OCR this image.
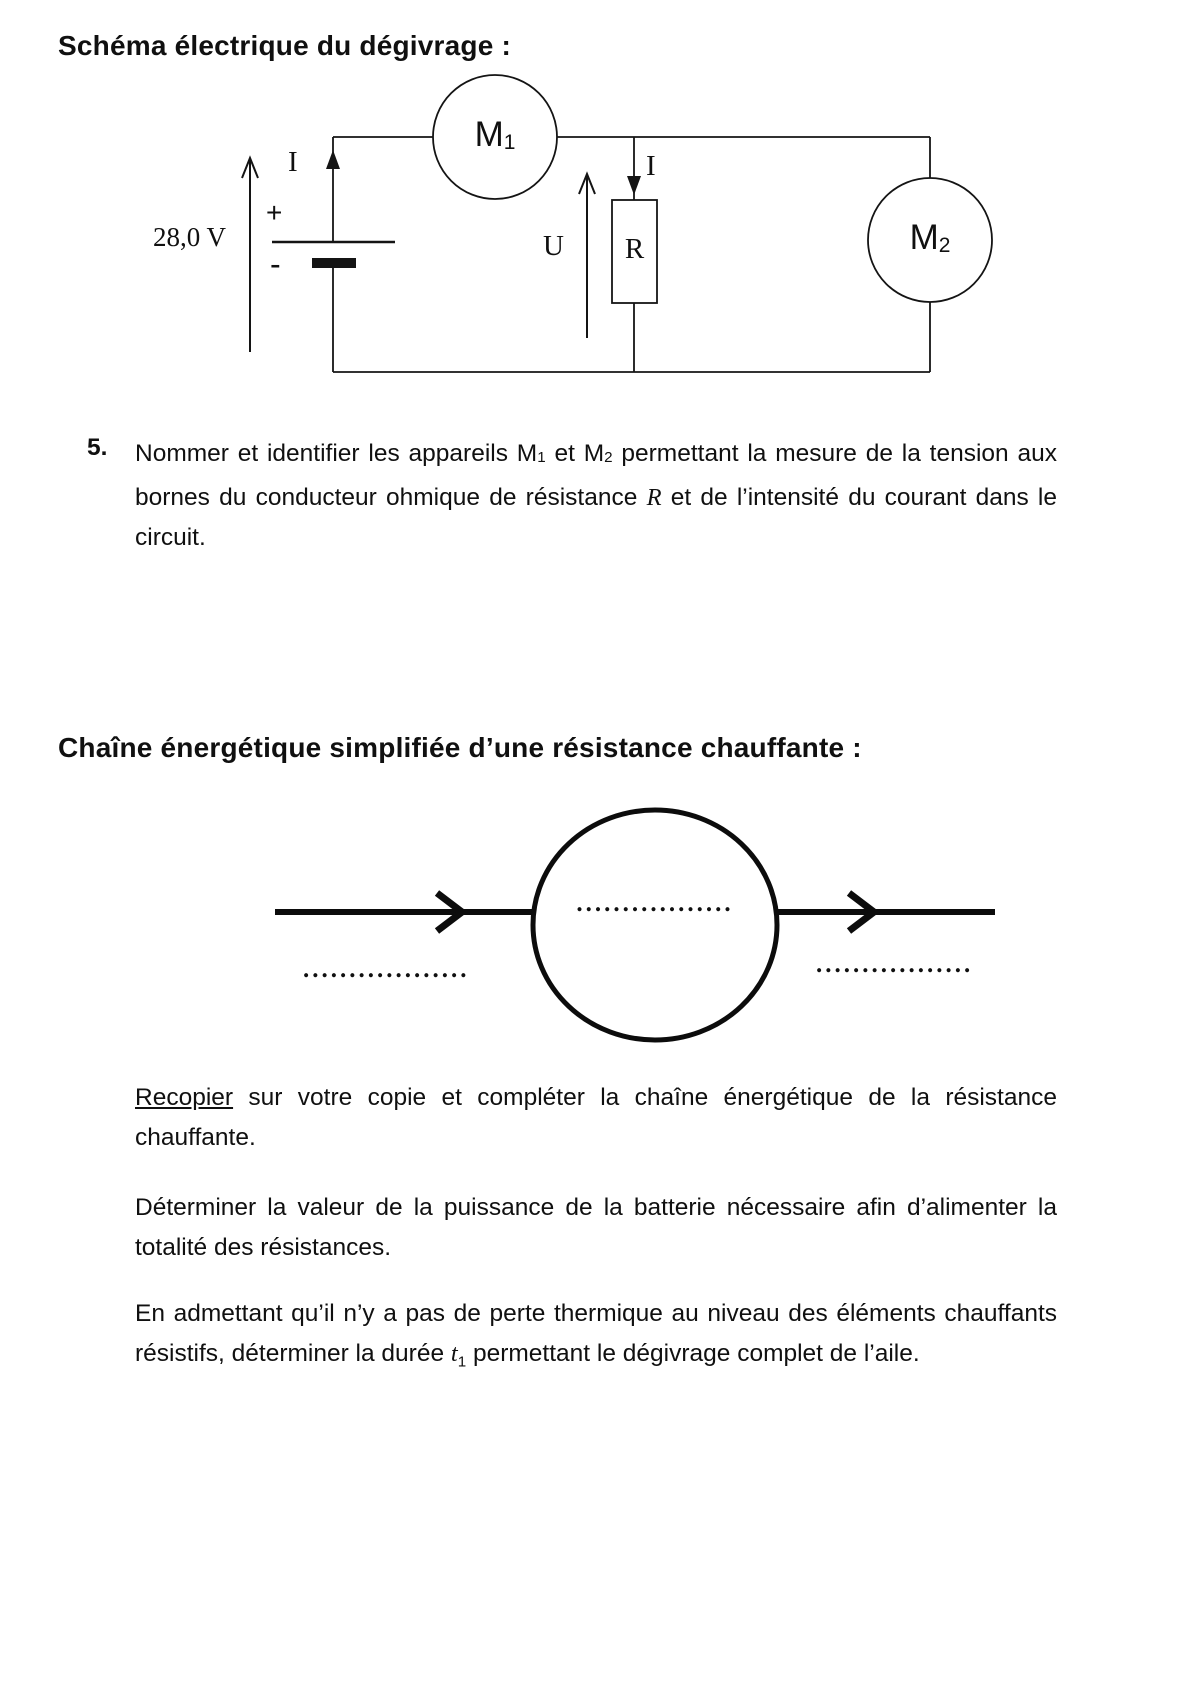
Schéma électrique du dégivrage :
28,0 V
+
-
I	I
U	R
$M_1$
$M_2$
5. Nommer et identifier les appareils $M_1$ et $M_2$ permettant la mesure de la tension aux bornes du conducteur ohmique de résistance R et de l’intensité du courant dans le circuit.
Chaîne énergétique simplifiée d’une résistance chauffante :
.................
..................	.................
Recopier sur votre copie et compléter la chaîne énergétique de la résistance chauffante.
Déterminer la valeur de la puissance de la batterie nécessaire afin d’alimenter la totalité des résistances.
En admettant qu’il n’y a pas de perte thermique au niveau des éléments chauffants résistifs, déterminer la durée $t_1$ permettant le dégivrage complet de l’aile.
